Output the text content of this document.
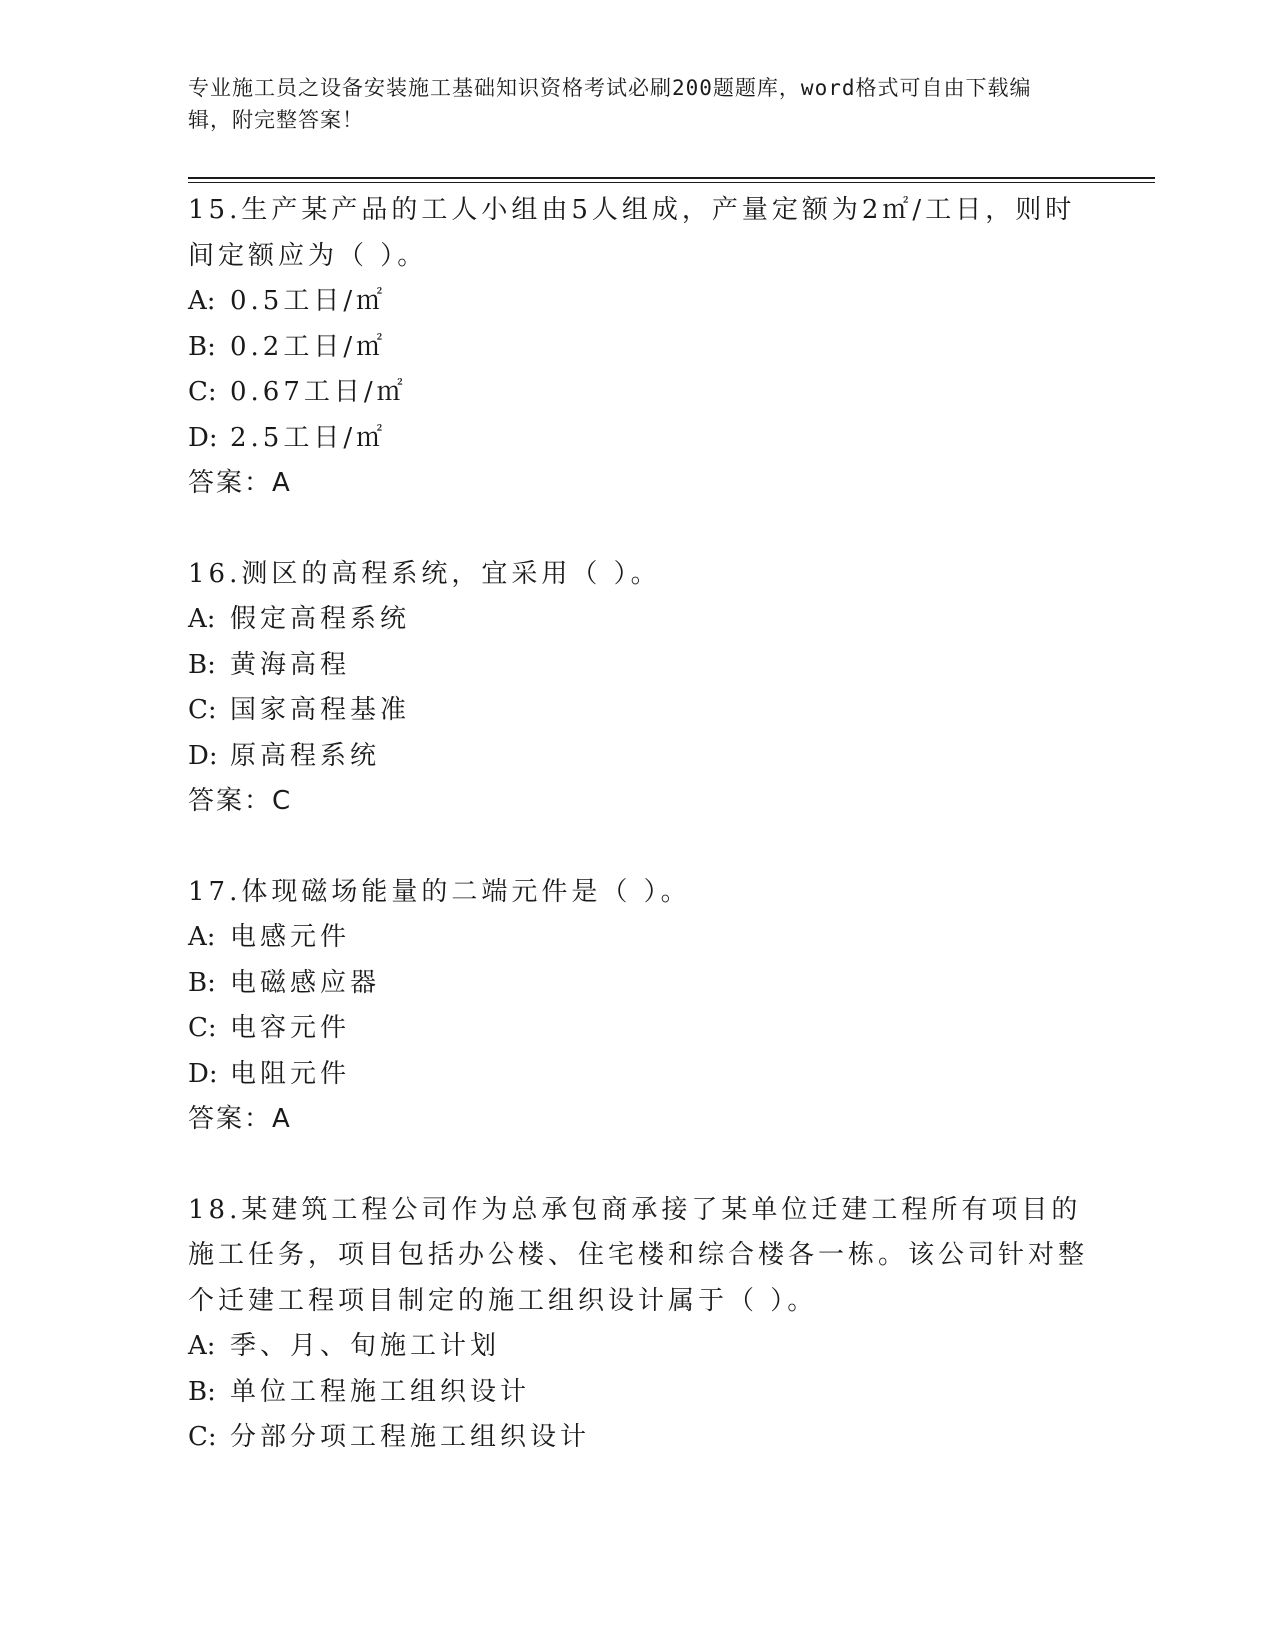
专业施工员之设备安装施工基础知识资格考试必刷200题题库，word格式可自由下载编辑，附完整答案！
15.生产某产品的工人小组由5人组成，产量定额为2㎡/工日，则时间定额应为（ ）。
A: 0.5工日/㎡
B: 0.2工日/㎡
C: 0.67工日/㎡
D: 2.5工日/㎡
答案：A
16.测区的高程系统，宜采用（ ）。
A: 假定高程系统
B: 黄海高程
C: 国家高程基准
D: 原高程系统
答案：C
17.体现磁场能量的二端元件是（ ）。
A: 电感元件
B: 电磁感应器
C: 电容元件
D: 电阻元件
答案：A
18.某建筑工程公司作为总承包商承接了某单位迁建工程所有项目的施工任务，项目包括办公楼、住宅楼和综合楼各一栋。该公司针对整个迁建工程项目制定的施工组织设计属于（ ）。
A: 季、月、旬施工计划
B: 单位工程施工组织设计
C: 分部分项工程施工组织设计
